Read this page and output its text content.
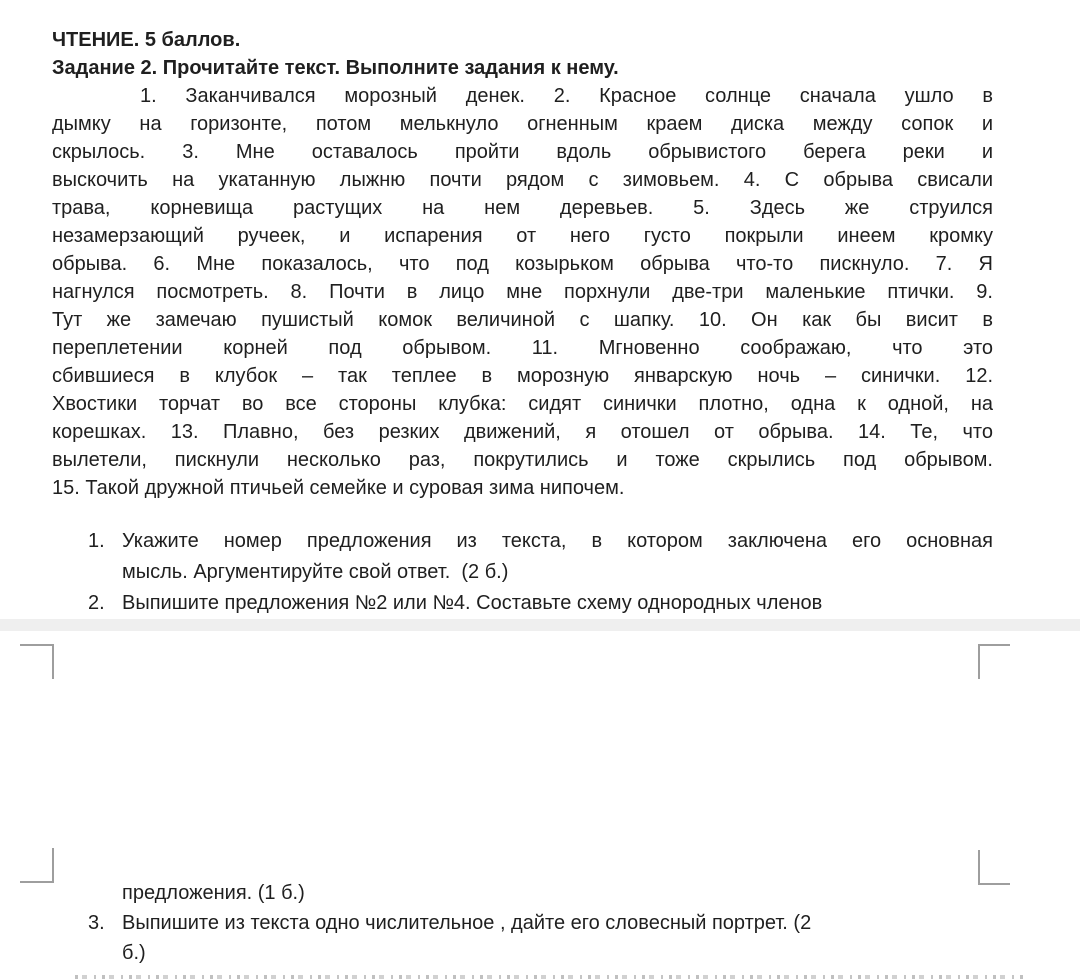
ЧТЕНИЕ. 5 баллов.
Задание 2. Прочитайте текст. Выполните задания к нему.
1. Заканчивался морозный денек. 2. Красное солнце сначала ушло в
дымку на горизонте, потом мелькнуло огненным краем диска между сопок и
скрылось. 3. Мне оставалось пройти вдоль обрывистого берега реки и
выскочить на укатанную лыжню почти рядом с зимовьем. 4. С обрыва свисали
трава, корневища растущих на нем деревьев. 5. Здесь же струился
незамерзающий ручеек, и испарения от него густо покрыли инеем кромку
обрыва. 6. Мне показалось, что под козырьком обрыва что-то пискнуло. 7. Я
нагнулся посмотреть. 8. Почти в лицо мне порхнули две-три маленькие птички. 9.
Тут же замечаю пушистый комок величиной с шапку. 10. Он как бы висит в
переплетении корней под обрывом. 11. Мгновенно соображаю, что это
сбившиеся в клубок – так теплее в морозную январскую ночь – синички. 12.
Хвостики торчат во все стороны клубка: сидят синички плотно, одна к одной, на
корешках. 13. Плавно, без резких движений, я отошел от обрыва. 14. Те, что
вылетели, пискнули несколько раз, покрутились и тоже скрылись под обрывом.
15. Такой дружной птичьей семейке и суровая зима нипочем.
1. Укажите номер предложения из текста, в котором заключена его основная
мысль. Аргументируйте свой ответ.  (2 б.)
2. Выпишите предложения №2 или №4. Составьте схему однородных членов
предложения. (1 б.)
3. Выпишите из текста одно числительное , дайте его словесный портрет. (2
б.)
